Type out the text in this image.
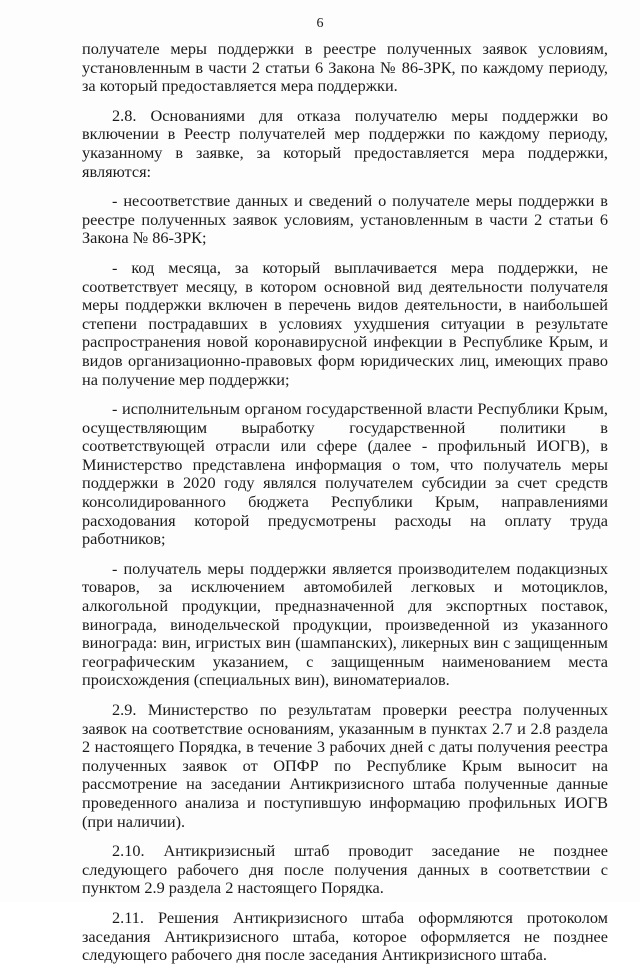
6

получателе меры поддержки в реестре полученных заявок условиям, установленным в части 2 статьи 6 Закона № 86-ЗРК, по каждому периоду, за который предоставляется мера поддержки.

2.8. Основаниями для отказа получателю меры поддержки во включении в Реестр получателей мер поддержки по каждому периоду, указанному в заявке, за который предоставляется мера поддержки, являются:

- несоответствие данных и сведений о получателе меры поддержки в реестре полученных заявок условиям, установленным в части 2 статьи 6 Закона № 86-ЗРК;

- код месяца, за который выплачивается мера поддержки, не соответствует месяцу, в котором основной вид деятельности получателя меры поддержки включен в перечень видов деятельности, в наибольшей степени пострадавших в условиях ухудшения ситуации в результате распространения новой коронавирусной инфекции в Республике Крым, и видов организационно-правовых форм юридических лиц, имеющих право на получение мер поддержки;

- исполнительным органом государственной власти Республики Крым, осуществляющим выработку государственной политики в соответствующей отрасли или сфере (далее - профильный ИОГВ), в Министерство представлена информация о том, что получатель меры поддержки в 2020 году являлся получателем субсидии за счет средств консолидированного бюджета Республики Крым, направлениями расходования которой предусмотрены расходы на оплату труда работников;

- получатель меры поддержки является производителем подакцизных товаров, за исключением автомобилей легковых и мотоциклов, алкогольной продукции, предназначенной для экспортных поставок, винограда, винодельческой продукции, произведенной из указанного винограда: вин, игристых вин (шампанских), ликерных вин с защищенным географическим указанием, с защищенным наименованием места происхождения (специальных вин), виноматериалов.

2.9. Министерство по результатам проверки реестра полученных заявок на соответствие основаниям, указанным в пунктах 2.7 и 2.8 раздела 2 настоящего Порядка, в течение 3 рабочих дней с даты получения реестра полученных заявок от ОПФР по Республике Крым выносит на рассмотрение на заседании Антикризисного штаба полученные данные проведенного анализа и поступившую информацию профильных ИОГВ (при наличии).

2.10. Антикризисный штаб проводит заседание не позднее следующего рабочего дня после получения данных в соответствии с пунктом 2.9 раздела 2 настоящего Порядка.

2.11. Решения Антикризисного штаба оформляются протоколом заседания Антикризисного штаба, которое оформляется не позднее следующего рабочего дня после заседания Антикризисного штаба.
